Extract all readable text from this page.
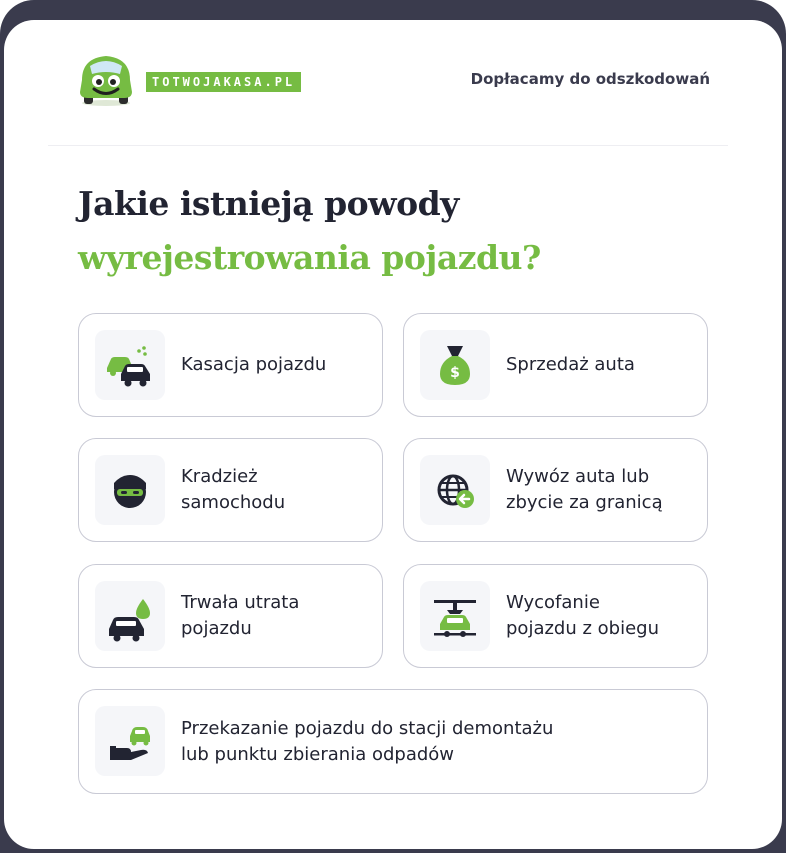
TOTWOJAKASA.PL	Dopłacamy do odszkodowań
Jakie istnieją powody
wyrejestrowania pojazdu?
Kasacja pojazdu	$	Sprzedaż auta
Kradzież
samochodu
Wywóz auta lub
zbycie za granicą
Trwała utrata
pojazdu
Wycofanie
pojazdu z obiegu
Przekazanie pojazdu do stacji demontażu
lub punktu zbierania odpadów
